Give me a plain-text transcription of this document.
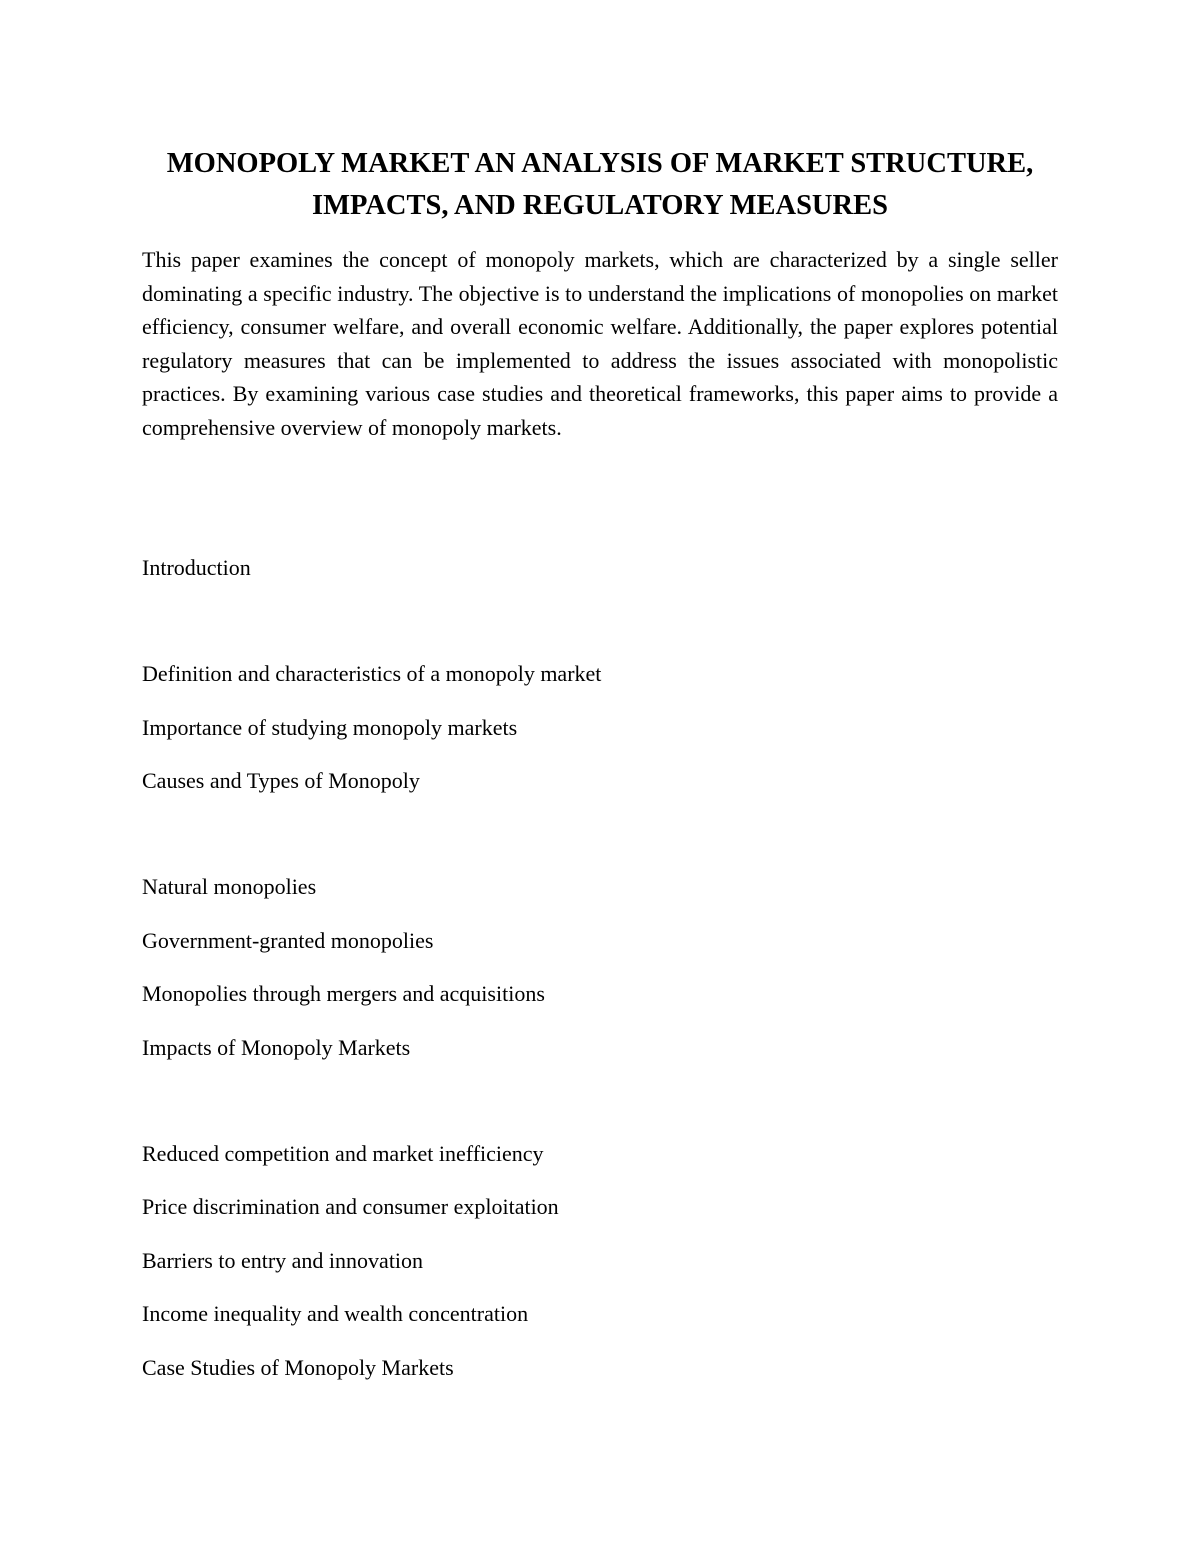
MONOPOLY MARKET AN ANALYSIS OF MARKET STRUCTURE, IMPACTS, AND REGULATORY MEASURES

This paper examines the concept of monopoly markets, which are characterized by a single seller dominating a specific industry. The objective is to understand the implications of monopolies on market efficiency, consumer welfare, and overall economic welfare. Additionally, the paper explores potential regulatory measures that can be implemented to address the issues associated with monopolistic practices. By examining various case studies and theoretical frameworks, this paper aims to provide a comprehensive overview of monopoly markets.

Introduction

Definition and characteristics of a monopoly market

Importance of studying monopoly markets

Causes and Types of Monopoly

Natural monopolies

Government-granted monopolies

Monopolies through mergers and acquisitions

Impacts of Monopoly Markets

Reduced competition and market inefficiency

Price discrimination and consumer exploitation

Barriers to entry and innovation

Income inequality and wealth concentration

Case Studies of Monopoly Markets
